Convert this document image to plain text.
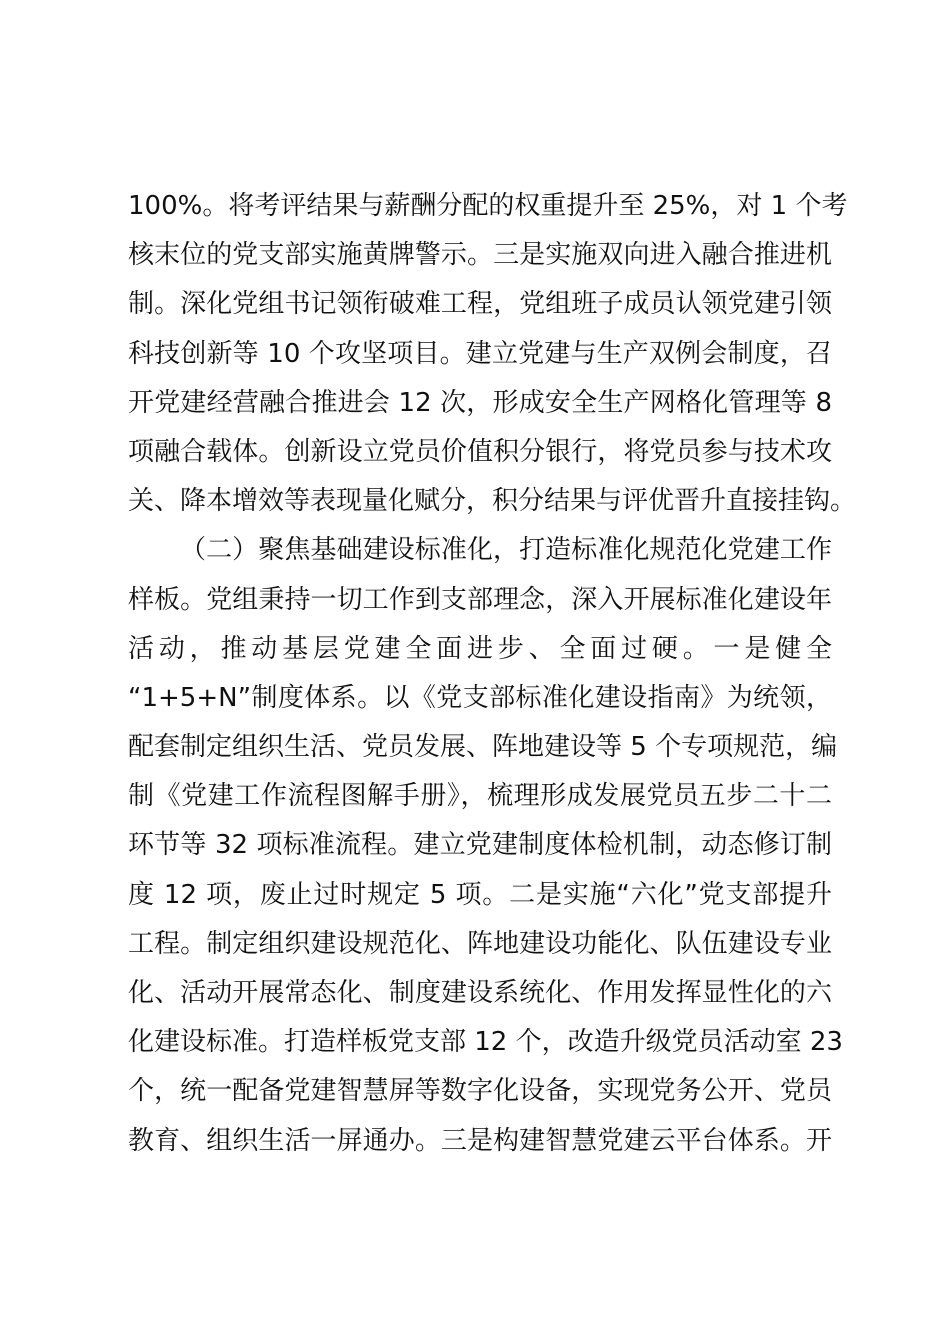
100%。将考评结果与薪酬分配的权重提升至 25%，对 1 个考
核末位的党支部实施黄牌警示。三是实施双向进入融合推进机
制。深化党组书记领衔破难工程，党组班子成员认领党建引领
科技创新等 10 个攻坚项目。建立党建与生产双例会制度，召
开党建经营融合推进会 12 次，形成安全生产网格化管理等 8
项融合载体。创新设立党员价值积分银行，将党员参与技术攻
关、降本增效等表现量化赋分，积分结果与评优晋升直接挂钩。
（二）聚焦基础建设标准化，打造标准化规范化党建工作
样板。党组秉持一切工作到支部理念，深入开展标准化建设年
活动，推动基层党建全面进步、全面过硬。一是健全
“1+5+N”制度体系。以《党支部标准化建设指南》为统领，
配套制定组织生活、党员发展、阵地建设等 5 个专项规范，编
制《党建工作流程图解手册》，梳理形成发展党员五步二十二
环节等 32 项标准流程。建立党建制度体检机制，动态修订制
度 12 项，废止过时规定 5 项。二是实施“六化”党支部提升
工程。制定组织建设规范化、阵地建设功能化、队伍建设专业
化、活动开展常态化、制度建设系统化、作用发挥显性化的六
化建设标准。打造样板党支部 12 个，改造升级党员活动室 23
个，统一配备党建智慧屏等数字化设备，实现党务公开、党员
教育、组织生活一屏通办。三是构建智慧党建云平台体系。开
